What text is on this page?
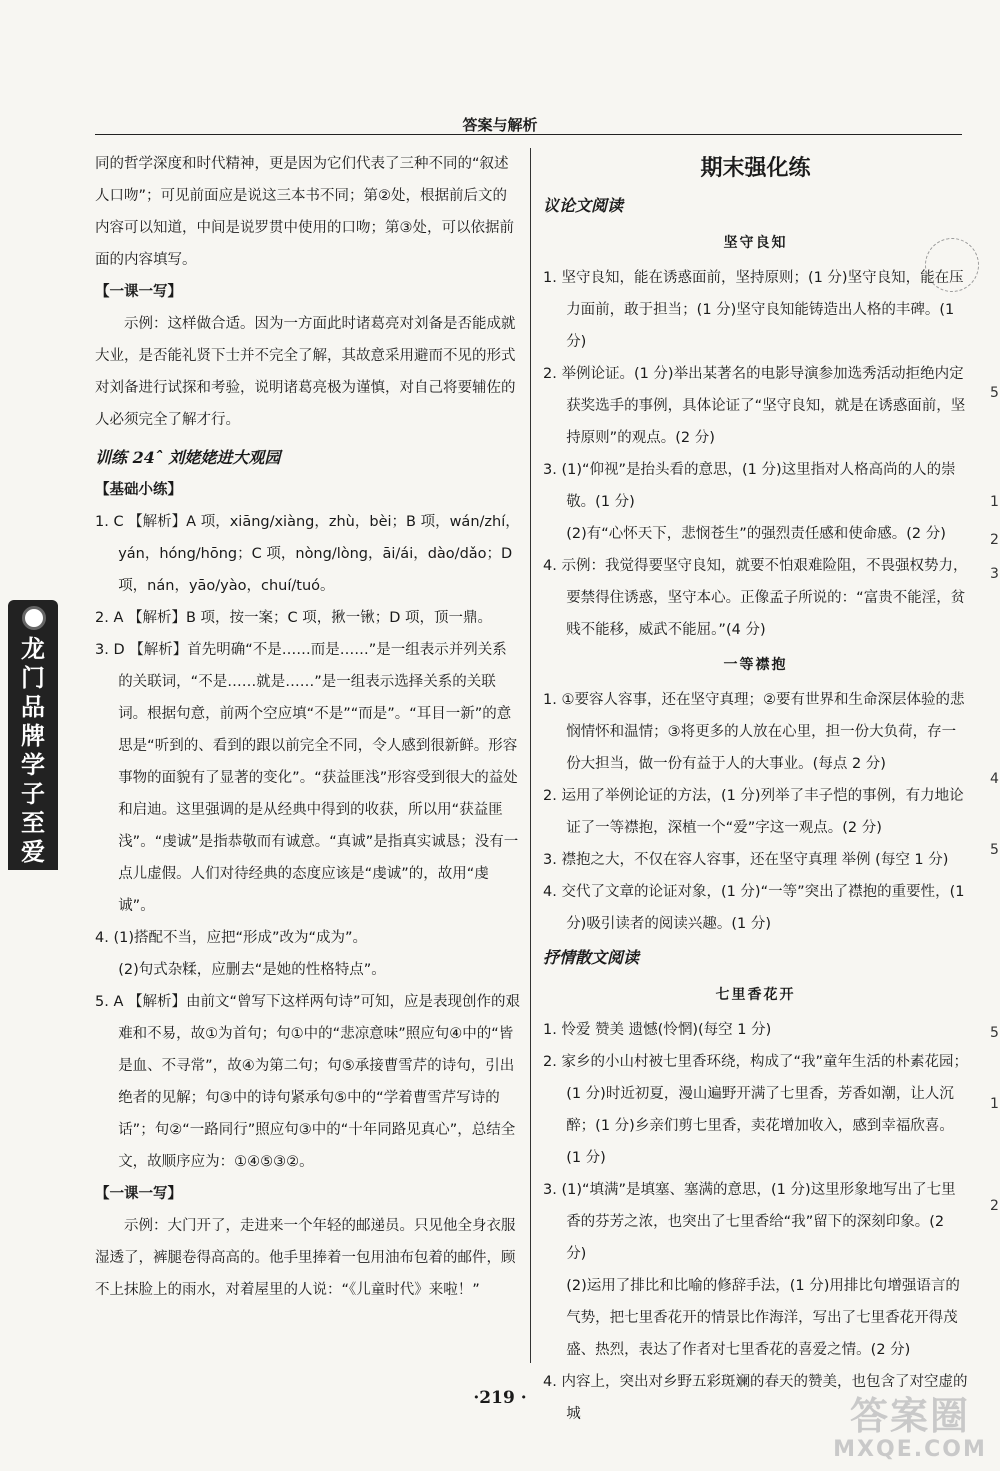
答案与解析
龙门品牌学子至爱

同的哲学深度和时代精神，更是因为它们代表了三种不同的“叙述人口吻”；可见前面应是说这三本书不同；第②处，根据前后文的内容可以知道，中间是说罗贯中使用的口吻；第③处，可以依据前面的内容填写。

【一课一写】

示例：这样做合适。因为一方面此时诸葛亮对刘备是否能成就大业，是否能礼贤下士并不完全了解，其故意采用避而不见的形式对刘备进行试探和考验，说明诸葛亮极为谨慎，对自己将要辅佐的人必须完全了解才行。

训练 24ˆ 刘姥姥进大观园

【基础小练】

1. C 【解析】A 项，xiāng/xiàng，zhù，bèi；B 项，wán/zhí，yán，hóng/hōng；C 项，nòng/lòng，āi/ái，dào/dǎo；D 项，nán，yāo/yào，chuí/tuó。

2. A 【解析】B 项，按一案；C 项，揪一锹；D 项，顶一鼎。

3. D 【解析】首先明确“不是……而是……”是一组表示并列关系的关联词，“不是……就是……”是一组表示选择关系的关联词。根据句意，前两个空应填“不是”“而是”。“耳目一新”的意思是“听到的、看到的跟以前完全不同，令人感到很新鲜。形容事物的面貌有了显著的变化”。“获益匪浅”形容受到很大的益处和启迪。这里强调的是从经典中得到的收获，所以用“获益匪浅”。“虔诚”是指恭敬而有诚意。“真诚”是指真实诚恳；没有一点儿虚假。人们对待经典的态度应该是“虔诚”的，故用“虔诚”。

4. (1)搭配不当，应把“形成”改为“成为”。

(2)句式杂糅，应删去“是她的性格特点”。

5. A 【解析】由前文“曾写下这样两句诗”可知，应是表现创作的艰难和不易，故①为首句；句①中的“悲凉意味”照应句④中的“皆是血、不寻常”，故④为第二句；句⑤承接曹雪芹的诗句，引出绝者的见解；句③中的诗句紧承句⑤中的“学着曹雪芹写诗的话”；句②“一路同行”照应句③中的“十年同路见真心”，总结全文，故顺序应为：①④⑤③②。

【一课一写】

示例：大门开了，走进来一个年轻的邮递员。只见他全身衣服湿透了，裤腿卷得高高的。他手里捧着一包用油布包着的邮件，顾不上抹脸上的雨水，对着屋里的人说：“《儿童时代》来啦！”

期末强化练

议论文阅读

坚守良知

1. 坚守良知，能在诱惑面前，坚持原则；(1 分)坚守良知，能在压力面前，敢于担当；(1 分)坚守良知能铸造出人格的丰碑。(1 分)

2. 举例论证。(1 分)举出某著名的电影导演参加选秀活动拒绝内定获奖选手的事例，具体论证了“坚守良知，就是在诱惑面前，坚持原则”的观点。(2 分)

3. (1)“仰视”是抬头看的意思，(1 分)这里指对人格高尚的人的崇敬。(1 分)

(2)有“心怀天下，悲悯苍生”的强烈责任感和使命感。(2 分)

4. 示例：我觉得要坚守良知，就要不怕艰难险阻，不畏强权势力，要禁得住诱惑，坚守本心。正像孟子所说的：“富贵不能淫，贫贱不能移，威武不能屈。”(4 分)

一等襟抱

1. ①要容人容事，还在坚守真理；②要有世界和生命深层体验的悲悯情怀和温情；③将更多的人放在心里，担一份大负荷，存一份大担当，做一份有益于人的大事业。(每点 2 分)

2. 运用了举例论证的方法，(1 分)列举了丰子恺的事例，有力地论证了一等襟抱，深植一个“爱”字这一观点。(2 分)

3. 襟抱之大，不仅在容人容事，还在坚守真理 举例 (每空 1 分)

4. 交代了文章的论证对象，(1 分)“一等”突出了襟抱的重要性，(1 分)吸引读者的阅读兴趣。(1 分)

抒情散文阅读

七里香花开

1. 怜爱 赞美 遗憾(怜惘)(每空 1 分)

2. 家乡的小山村被七里香环绕，构成了“我”童年生活的朴素花园；(1 分)时近初夏，漫山遍野开满了七里香，芳香如潮，让人沉醉；(1 分)乡亲们剪七里香，卖花增加收入，感到幸福欣喜。(1 分)

3. (1)“填满”是填塞、塞满的意思，(1 分)这里形象地写出了七里香的芬芳之浓，也突出了七里香给“我”留下的深刻印象。(2 分)

(2)运用了排比和比喻的修辞手法，(1 分)用排比句增强语言的气势，把七里香花开的情景比作海洋，写出了七里香花开得茂盛、热烈，表达了作者对七里香花的喜爱之情。(2 分)

4. 内容上，突出对乡野五彩斑斓的春天的赞美，也包含了对空虚的城

5
1
2
3
4
5
5
1
2
·219 ·	答案圈
MXQE.COM
